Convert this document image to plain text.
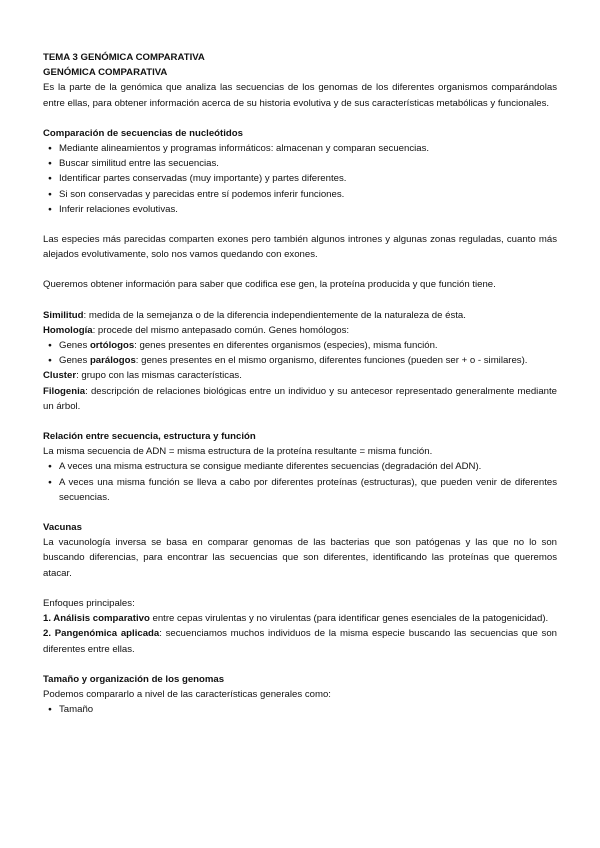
TEMA 3 GENÓMICA COMPARATIVA
GENÓMICA COMPARATIVA
Es la parte de la genómica que analiza las secuencias de los genomas de los diferentes organismos comparándolas entre ellas, para obtener información acerca de su historia evolutiva y de sus características metabólicas y funcionales.
Comparación de secuencias de nucleótidos
● Mediante alineamientos y programas informáticos: almacenan y comparan secuencias.
● Buscar similitud entre las secuencias.
● Identificar partes conservadas (muy importante) y partes diferentes.
● Si son conservadas y parecidas entre sí podemos inferir funciones.
● Inferir relaciones evolutivas.
Las especies más parecidas comparten exones pero también algunos intrones y algunas zonas reguladas, cuanto más alejados evolutivamente, solo nos vamos quedando con exones.
Queremos obtener información para saber que codifica ese gen, la proteína producida y que función tiene.
Similitud: medida de la semejanza o de la diferencia independientemente de la naturaleza de ésta.
Homología: procede del mismo antepasado común. Genes homólogos:
● Genes ortólogos: genes presentes en diferentes organismos (especies), misma función.
● Genes parálogos: genes presentes en el mismo organismo, diferentes funciones (pueden ser + o - similares).
Cluster: grupo con las mismas características.
Filogenia: descripción de relaciones biológicas entre un individuo y su antecesor representado generalmente mediante un árbol.
Relación entre secuencia, estructura y función
La misma secuencia de ADN = misma estructura de la proteína resultante = misma función.
● A veces una misma estructura se consigue mediante diferentes secuencias (degradación del ADN).
● A veces una misma función se lleva a cabo por diferentes proteínas (estructuras), que pueden venir de diferentes secuencias.
Vacunas
La vacunología inversa se basa en comparar genomas de las bacterias que son patógenas y las que no lo son buscando diferencias, para encontrar las secuencias que son diferentes, identificando las proteínas que queremos atacar.
Enfoques principales:
1. Análisis comparativo entre cepas virulentas y no virulentas (para identificar genes esenciales de la patogenicidad).
2. Pangenómica aplicada: secuenciamos muchos individuos de la misma especie buscando las secuencias que son diferentes entre ellas.
Tamaño y organización de los genomas
Podemos compararlo a nivel de las características generales como:
● Tamaño
